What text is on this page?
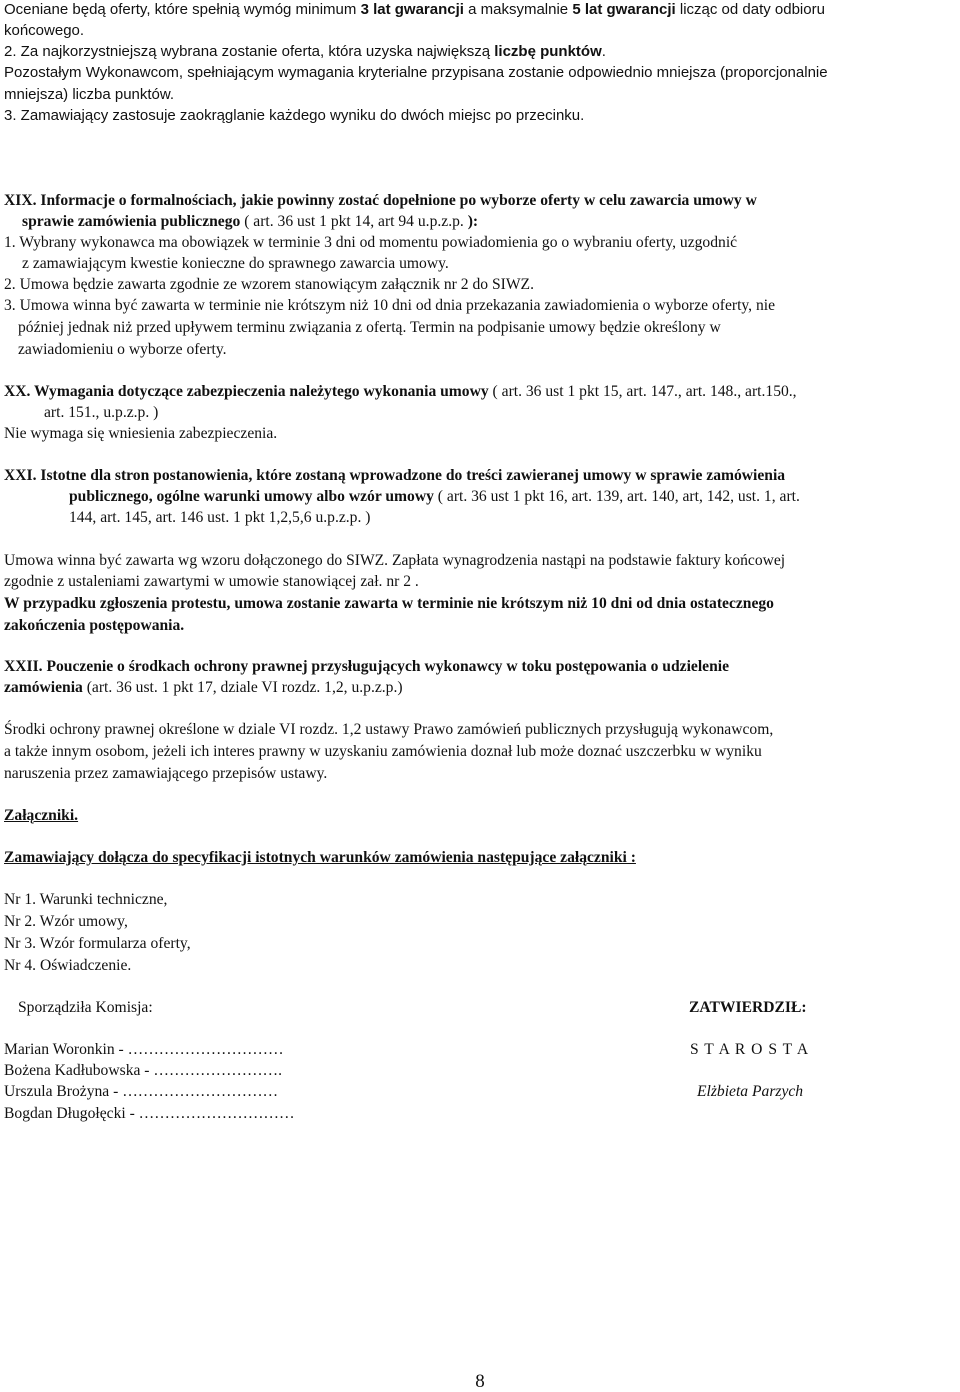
Oceniane będą oferty, które spełnią wymóg minimum 3 lat gwarancji a maksymalnie 5 lat gwarancji licząc od daty odbioru
końcowego.
2. Za najkorzystniejszą wybrana zostanie oferta, która uzyska największą liczbę punktów.
Pozostałym Wykonawcom, spełniającym wymagania kryterialne przypisana zostanie odpowiednio mniejsza (proporcjonalnie
mniejsza) liczba punktów.
3. Zamawiający zastosuje zaokrąglanie każdego wyniku do dwóch miejsc po przecinku.
XIX. Informacje o formalnościach, jakie powinny zostać dopełnione po wyborze oferty w celu zawarcia umowy w
sprawie zamówienia publicznego ( art. 36 ust 1 pkt 14, art 94 u.p.z.p. ):
1. Wybrany wykonawca ma obowiązek w terminie 3 dni od momentu powiadomienia go o wybraniu oferty, uzgodnić
z zamawiającym kwestie konieczne do sprawnego zawarcia umowy.
2. Umowa będzie zawarta zgodnie ze wzorem stanowiącym załącznik nr 2 do SIWZ.
3. Umowa winna być zawarta w terminie nie krótszym niż 10 dni od dnia przekazania zawiadomienia o wyborze oferty, nie
później jednak niż przed upływem terminu związania z ofertą. Termin na podpisanie umowy będzie określony w
zawiadomieniu o wyborze oferty.
XX. Wymagania dotyczące zabezpieczenia należytego wykonania umowy ( art. 36 ust 1 pkt 15, art. 147., art. 148., art.150.,
art. 151., u.p.z.p. )
Nie wymaga się wniesienia zabezpieczenia.
XXI. Istotne dla stron postanowienia, które zostaną wprowadzone do treści zawieranej umowy w sprawie zamówienia
publicznego, ogólne warunki umowy albo wzór umowy ( art. 36 ust 1 pkt 16, art. 139, art. 140, art, 142, ust. 1, art.
144, art. 145, art. 146 ust. 1 pkt 1,2,5,6 u.p.z.p. )
Umowa winna być zawarta wg wzoru dołączonego do SIWZ. Zapłata wynagrodzenia nastąpi na podstawie faktury końcowej
zgodnie z ustaleniami zawartymi w umowie stanowiącej zał. nr 2 .
W przypadku zgłoszenia protestu, umowa zostanie zawarta w terminie nie krótszym niż 10 dni od dnia ostatecznego
zakończenia postępowania.
XXII. Pouczenie o środkach ochrony prawnej przysługujących wykonawcy w toku postępowania o udzielenie
zamówienia (art. 36 ust. 1 pkt 17, dziale VI rozdz. 1,2, u.p.z.p.)
Środki ochrony prawnej określone w dziale VI rozdz. 1,2 ustawy Prawo zamówień publicznych przysługują wykonawcom,
a także innym osobom, jeżeli ich interes prawny w uzyskaniu zamówienia doznał lub może doznać uszczerbku w wyniku
naruszenia przez zamawiającego przepisów ustawy.
Załączniki.
Zamawiający dołącza do specyfikacji istotnych warunków zamówienia następujące załączniki :
Nr 1. Warunki techniczne,
Nr 2. Wzór umowy,
Nr 3. Wzór formularza oferty,
Nr 4. Oświadczenie.
Sporządziła Komisja:	ZATWIERDZIŁ:
Marian Woronkin - …………………………	S T A R O S T A
Bożena Kadłubowska - …………………….
Urszula Brożyna - …………………………	Elżbieta Parzych
Bogdan Długołęcki - …………………………
8
